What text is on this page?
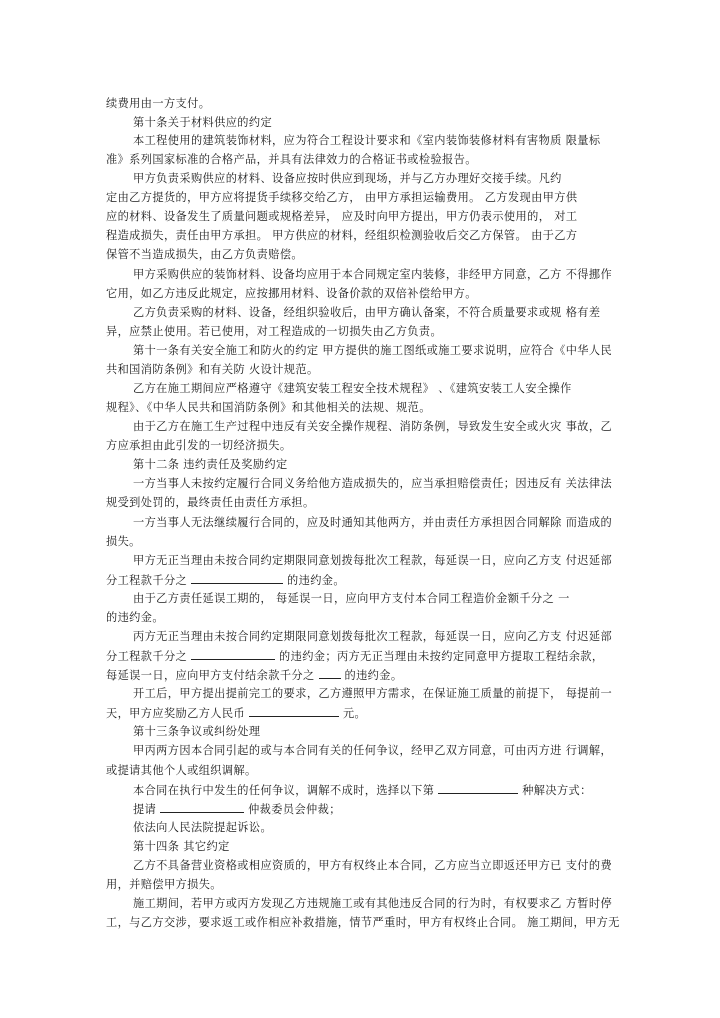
续费用由一方支付。
第十条关于材料供应的约定
本工程使用的建筑装饰材料，应为符合工程设计要求和《室内装饰装修材料有害物质 限量标
准》系列国家标准的合格产品，并具有法律效力的合格证书或检验报告。
甲方负责采购供应的材料、设备应按时供应到现场，并与乙方办理好交接手续。凡约
定由乙方提货的，甲方应将提货手续移交给乙方， 由甲方承担运输费用。 乙方发现由甲方供
应的材料、设备发生了质量问题或规格差异， 应及时向甲方提出，甲方仍表示使用的， 对工
程造成损失，责任由甲方承担。 甲方供应的材料，经组织检测验收后交乙方保管。 由于乙方
保管不当造成损失，由乙方负责赔偿。
甲方采购供应的装饰材料、设备均应用于本合同规定室内装修，非经甲方同意，乙方 不得挪作
它用，如乙方违反此规定，应按挪用材料、设备价款的双倍补偿给甲方。
乙方负责采购的材料、设备，经组织验收后，由甲方确认备案，不符合质量要求或规 格有差
异，应禁止使用。若已使用，对工程造成的一切损失由乙方负责。
第十一条有关安全施工和防火的约定 甲方提供的施工图纸或施工要求说明，应符合《中华人民
共和国消防条例》和有关防 火设计规范。
乙方在施工期间应严格遵守《建筑安装工程安全技术规程》 、《建筑安装工人安全操作
规程》、《中华人民共和国消防条例》和其他相关的法规、规范。
由于乙方在施工生产过程中违反有关安全操作规程、消防条例，导致发生安全或火灾 事故，乙
方应承担由此引发的一切经济损失。
第十二条 违约责任及奖励约定
一方当事人未按约定履行合同义务给他方造成损失的，应当承担赔偿责任；因违反有 关法律法
规受到处罚的，最终责任由责任方承担。
一方当事人无法继续履行合同的，应及时通知其他两方，并由责任方承担因合同解除 而造成的
损失。
甲方无正当理由未按合同约定期限同意划拨每批次工程款，每延误一日，应向乙方支 付迟延部
分工程款千分之	的违约金。
由于乙方责任延误工期的， 每延误一日，应向甲方支付本合同工程造价金额千分之 一
的违约金。
丙方无正当理由未按合同约定期限同意划拨每批次工程款，每延误一日，应向乙方支 付迟延部
分工程款千分之	的违约金；丙方无正当理由未按约定同意甲方提取工程结余款，
每延误一日，应向甲方支付结余款千分之  的违约金。
开工后，甲方提出提前完工的要求，乙方遵照甲方需求，在保证施工质量的前提下， 每提前一
天，甲方应奖励乙方人民币	元。
第十三条争议或纠纷处理
甲丙两方因本合同引起的或与本合同有关的任何争议，经甲乙双方同意，可由丙方进 行调解，
或提请其他个人或组织调解。
本合同在执行中发生的任何争议，调解不成时，选择以下第	种解决方式：
提请	仲裁委员会仲裁；
依法向人民法院提起诉讼。
第十四条 其它约定
乙方不具备营业资格或相应资质的，甲方有权终止本合同，乙方应当立即返还甲方已 支付的费
用，并赔偿甲方损失。
施工期间，若甲方或丙方发现乙方违规施工或有其他违反合同的行为时，有权要求乙 方暂时停
工，与乙方交涉，要求返工或作相应补救措施，情节严重时，甲方有权终止合同。 施工期间，甲方无
